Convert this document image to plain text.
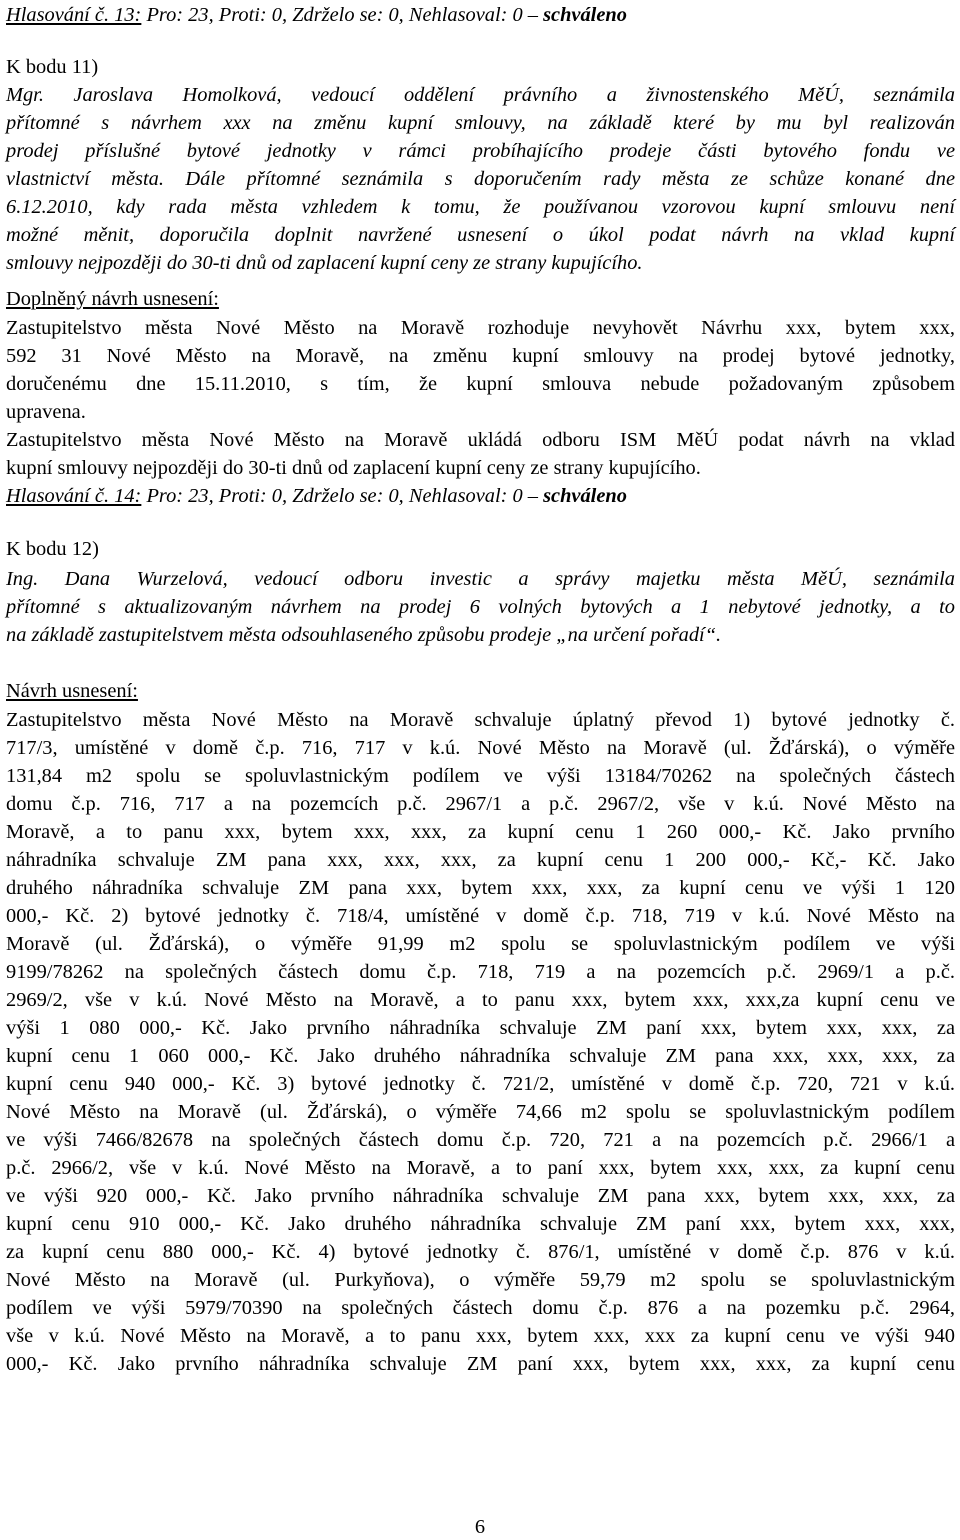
Hlasování č. 13: Pro: 23, Proti: 0, Zdrželo se: 0, Nehlasoval: 0 – schváleno
K bodu 11)
Mgr. Jaroslava Homolková, vedoucí oddělení právního a živnostenského MěÚ, seznámila
přítomné s návrhem xxx na změnu kupní smlouvy, na základě které by mu byl realizován
prodej příslušné bytové jednotky v rámci probíhajícího prodeje části bytového fondu ve
vlastnictví města. Dále přítomné seznámila s doporučením rady města ze schůze konané dne
6.12.2010, kdy rada města vzhledem k tomu, že používanou vzorovou kupní smlouvu není
možné měnit, doporučila doplnit navržené usnesení o úkol podat návrh na vklad kupní
smlouvy nejpozději do 30-ti dnů od zaplacení kupní ceny ze strany kupujícího.
Doplněný návrh usnesení:
Zastupitelstvo města Nové Město na Moravě rozhoduje nevyhovět Návrhu xxx, bytem xxx,
592 31 Nové Město na Moravě, na změnu kupní smlouvy na prodej bytové jednotky,
doručenému dne 15.11.2010, s tím, že kupní smlouva nebude požadovaným způsobem
upravena.
Zastupitelstvo města Nové Město na Moravě ukládá odboru ISM MěÚ podat návrh na vklad
kupní smlouvy nejpozději do 30-ti dnů od zaplacení kupní ceny ze strany kupujícího.
Hlasování č. 14: Pro: 23, Proti: 0, Zdrželo se: 0, Nehlasoval: 0 – schváleno
K bodu 12)
Ing. Dana Wurzelová, vedoucí odboru investic a správy majetku města MěÚ, seznámila
přítomné s aktualizovaným návrhem na prodej 6 volných bytových a 1 nebytové jednotky, a to
na základě zastupitelstvem města odsouhlaseného způsobu prodeje „na určení pořadí“.
Návrh usnesení:
Zastupitelstvo města Nové Město na Moravě schvaluje úplatný převod 1) bytové jednotky č.
717/3, umístěné v domě č.p. 716, 717 v k.ú. Nové Město na Moravě (ul. Žďárská), o výměře
131,84 m2 spolu se spoluvlastnickým podílem ve výši 13184/70262 na společných částech
domu č.p. 716, 717 a na pozemcích p.č. 2967/1 a p.č. 2967/2, vše v k.ú. Nové Město na
Moravě, a to panu xxx, bytem xxx, xxx, za kupní cenu 1 260 000,- Kč. Jako prvního
náhradníka schvaluje ZM pana xxx, xxx, xxx, za kupní cenu 1 200 000,- Kč,- Kč. Jako
druhého náhradníka schvaluje ZM pana xxx, bytem xxx, xxx, za kupní cenu ve výši 1 120
000,- Kč. 2) bytové jednotky č. 718/4, umístěné v domě č.p. 718, 719 v k.ú. Nové Město na
Moravě (ul. Žďárská), o výměře 91,99 m2 spolu se spoluvlastnickým podílem ve výši
9199/78262 na společných částech domu č.p. 718, 719 a na pozemcích p.č. 2969/1 a p.č.
2969/2, vše v k.ú. Nové Město na Moravě, a to panu xxx, bytem xxx, xxx,za kupní cenu ve
výši 1 080 000,- Kč. Jako prvního náhradníka schvaluje ZM paní xxx, bytem xxx, xxx, za
kupní cenu 1 060 000,- Kč. Jako druhého náhradníka schvaluje ZM pana xxx, xxx, xxx, za
kupní cenu 940 000,- Kč. 3) bytové jednotky č. 721/2, umístěné v domě č.p. 720, 721 v k.ú.
Nové Město na Moravě (ul. Žďárská), o výměře 74,66 m2 spolu se spoluvlastnickým podílem
ve výši 7466/82678 na společných částech domu č.p. 720, 721 a na pozemcích p.č. 2966/1 a
p.č. 2966/2, vše v k.ú. Nové Město na Moravě, a to paní xxx, bytem xxx, xxx, za kupní cenu
ve výši 920 000,- Kč. Jako prvního náhradníka schvaluje ZM pana xxx, bytem xxx, xxx, za
kupní cenu 910 000,- Kč. Jako druhého náhradníka schvaluje ZM paní xxx, bytem xxx, xxx,
za kupní cenu 880 000,- Kč. 4) bytové jednotky č. 876/1, umístěné v domě č.p. 876 v k.ú.
Nové Město na Moravě (ul. Purkyňova), o výměře 59,79 m2 spolu se spoluvlastnickým
podílem ve výši 5979/70390 na společných částech domu č.p. 876 a na pozemku p.č. 2964,
vše v k.ú. Nové Město na Moravě, a to panu xxx, bytem xxx, xxx za kupní cenu ve výši 940
000,- Kč. Jako prvního náhradníka schvaluje ZM paní xxx, bytem xxx, xxx, za kupní cenu
6
